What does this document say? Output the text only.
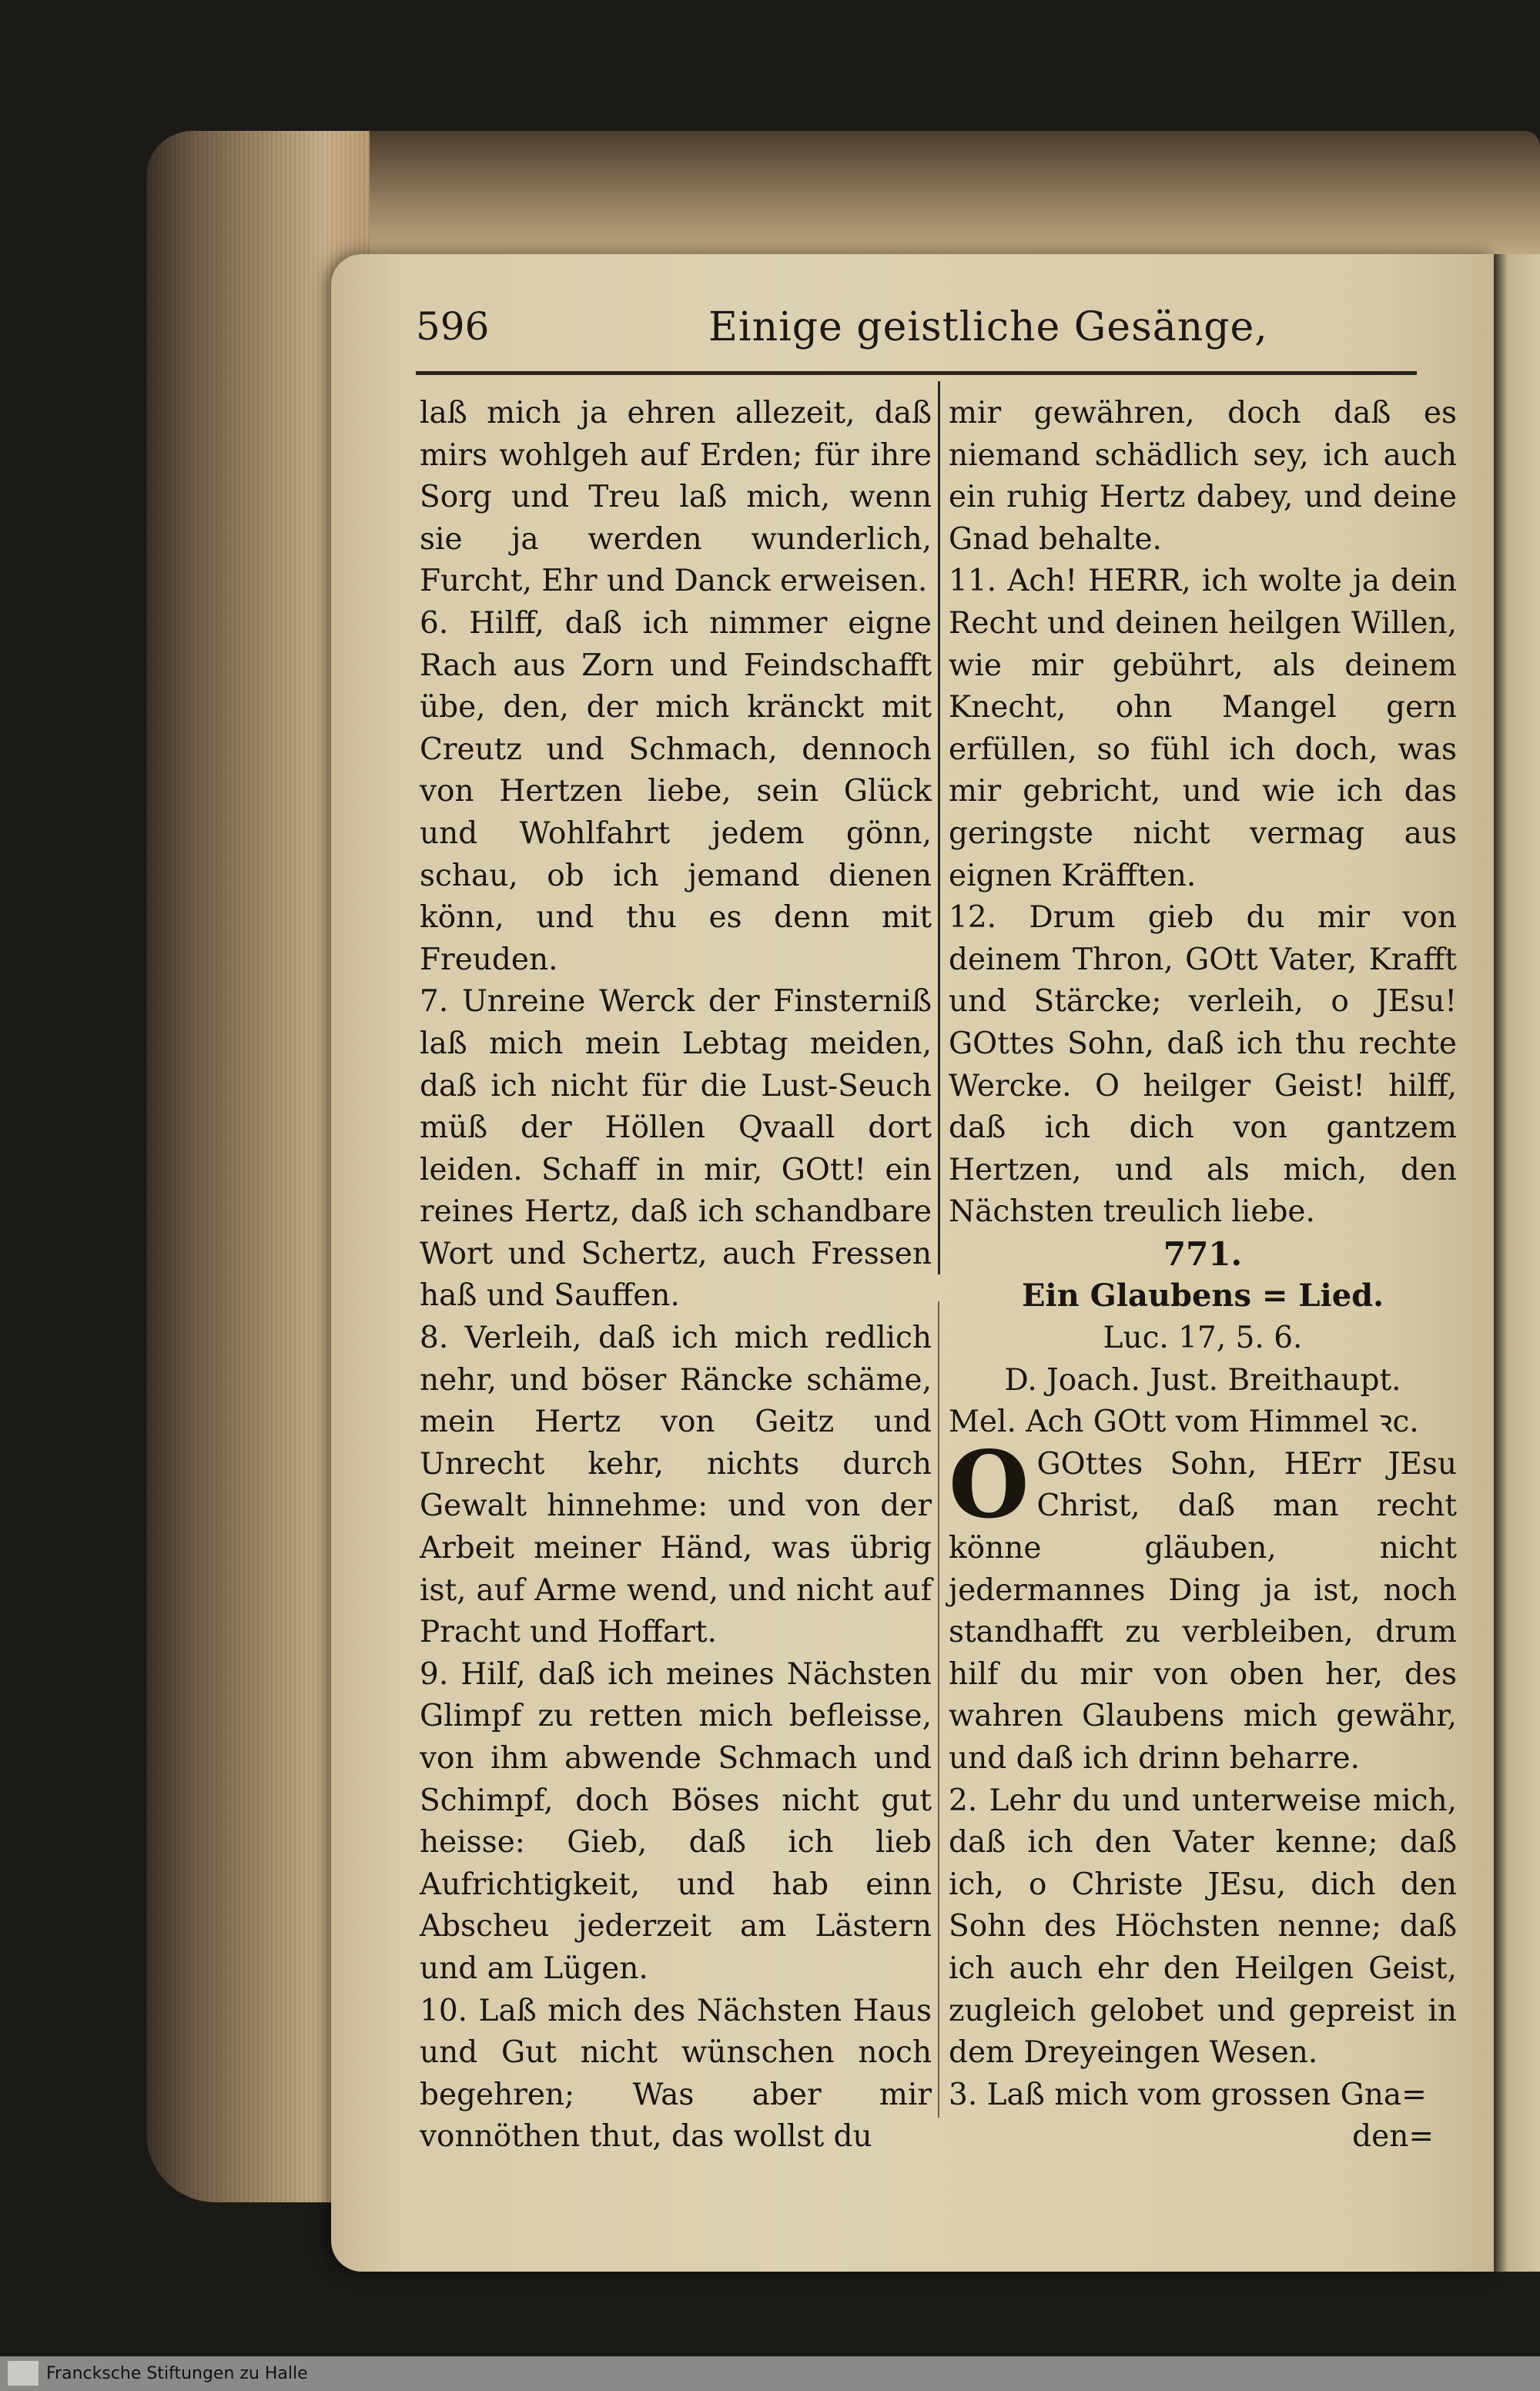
596	Einige geistliche Gesänge,

laß mich ja ehren allezeit, daß mirs wohlgeh auf Erden; für ihre Sorg und Treu laß mich, wenn sie ja werden wunderlich, Furcht, Ehr und Danck erweisen.

6. Hilff, daß ich nimmer eigne Rach aus Zorn und Feindschafft übe, den, der mich kränckt mit Creutz und Schmach, dennoch von Hertzen liebe, sein Glück und Wohlfahrt jedem gönn, schau, ob ich jemand dienen könn, und thu es denn mit Freuden.

7. Unreine Werck der Finsterniß laß mich mein Lebtag meiden, daß ich nicht für die Lust-Seuch müß der Höllen Qvaall dort leiden. Schaff in mir, GOtt! ein reines Hertz, daß ich schandbare Wort und Schertz, auch Fressen haß und Sauffen.

8. Verleih, daß ich mich redlich nehr, und böser Räncke schäme, mein Hertz von Geitz und Unrecht kehr, nichts durch Gewalt hinnehme: und von der Arbeit meiner Händ, was übrig ist, auf Arme wend, und nicht auf Pracht und Hoffart.

9. Hilf, daß ich meines Nächsten Glimpf zu retten mich befleisse, von ihm abwende Schmach und Schimpf, doch Böses nicht gut heisse: Gieb, daß ich lieb Aufrichtigkeit, und hab einn Abscheu jederzeit am Lästern und am Lügen.

10. Laß mich des Nächsten Haus und Gut nicht wünschen noch begehren; Was aber mir vonnöthen thut, das wollst du

mir gewähren, doch daß es niemand schädlich sey, ich auch ein ruhig Hertz dabey, und deine Gnad behalte.

11. Ach! HERR, ich wolte ja dein Recht und deinen heilgen Willen, wie mir gebührt, als deinem Knecht, ohn Mangel gern erfüllen, so fühl ich doch, was mir gebricht, und wie ich das geringste nicht vermag aus eignen Kräfften.

12. Drum gieb du mir von deinem Thron, GOtt Vater, Krafft und Stärcke; verleih, o JEsu! GOttes Sohn, daß ich thu rechte Wercke. O heilger Geist! hilff, daß ich dich von gantzem Hertzen, und als mich, den Nächsten treulich liebe.

771.

Ein Glaubens = Lied.

Luc. 17, 5. 6.

D. Joach. Just. Breithaupt.

Mel. Ach GOtt vom Himmel ꝛc.

O GOttes Sohn, HErr JEsu Christ, daß man recht könne gläuben, nicht jedermannes Ding ja ist, noch standhafft zu verbleiben, drum hilf du mir von oben her, des wahren Glaubens mich gewähr, und daß ich drinn beharre.

2. Lehr du und unterweise mich, daß ich den Vater kenne; daß ich, o Christe JEsu, dich den Sohn des Höchsten nenne; daß ich auch ehr den Heilgen Geist, zugleich gelobet und gepreist in dem Dreyeingen Wesen.

3. Laß mich vom grossen Gna=

den=

Francksche Stiftungen zu Halle
